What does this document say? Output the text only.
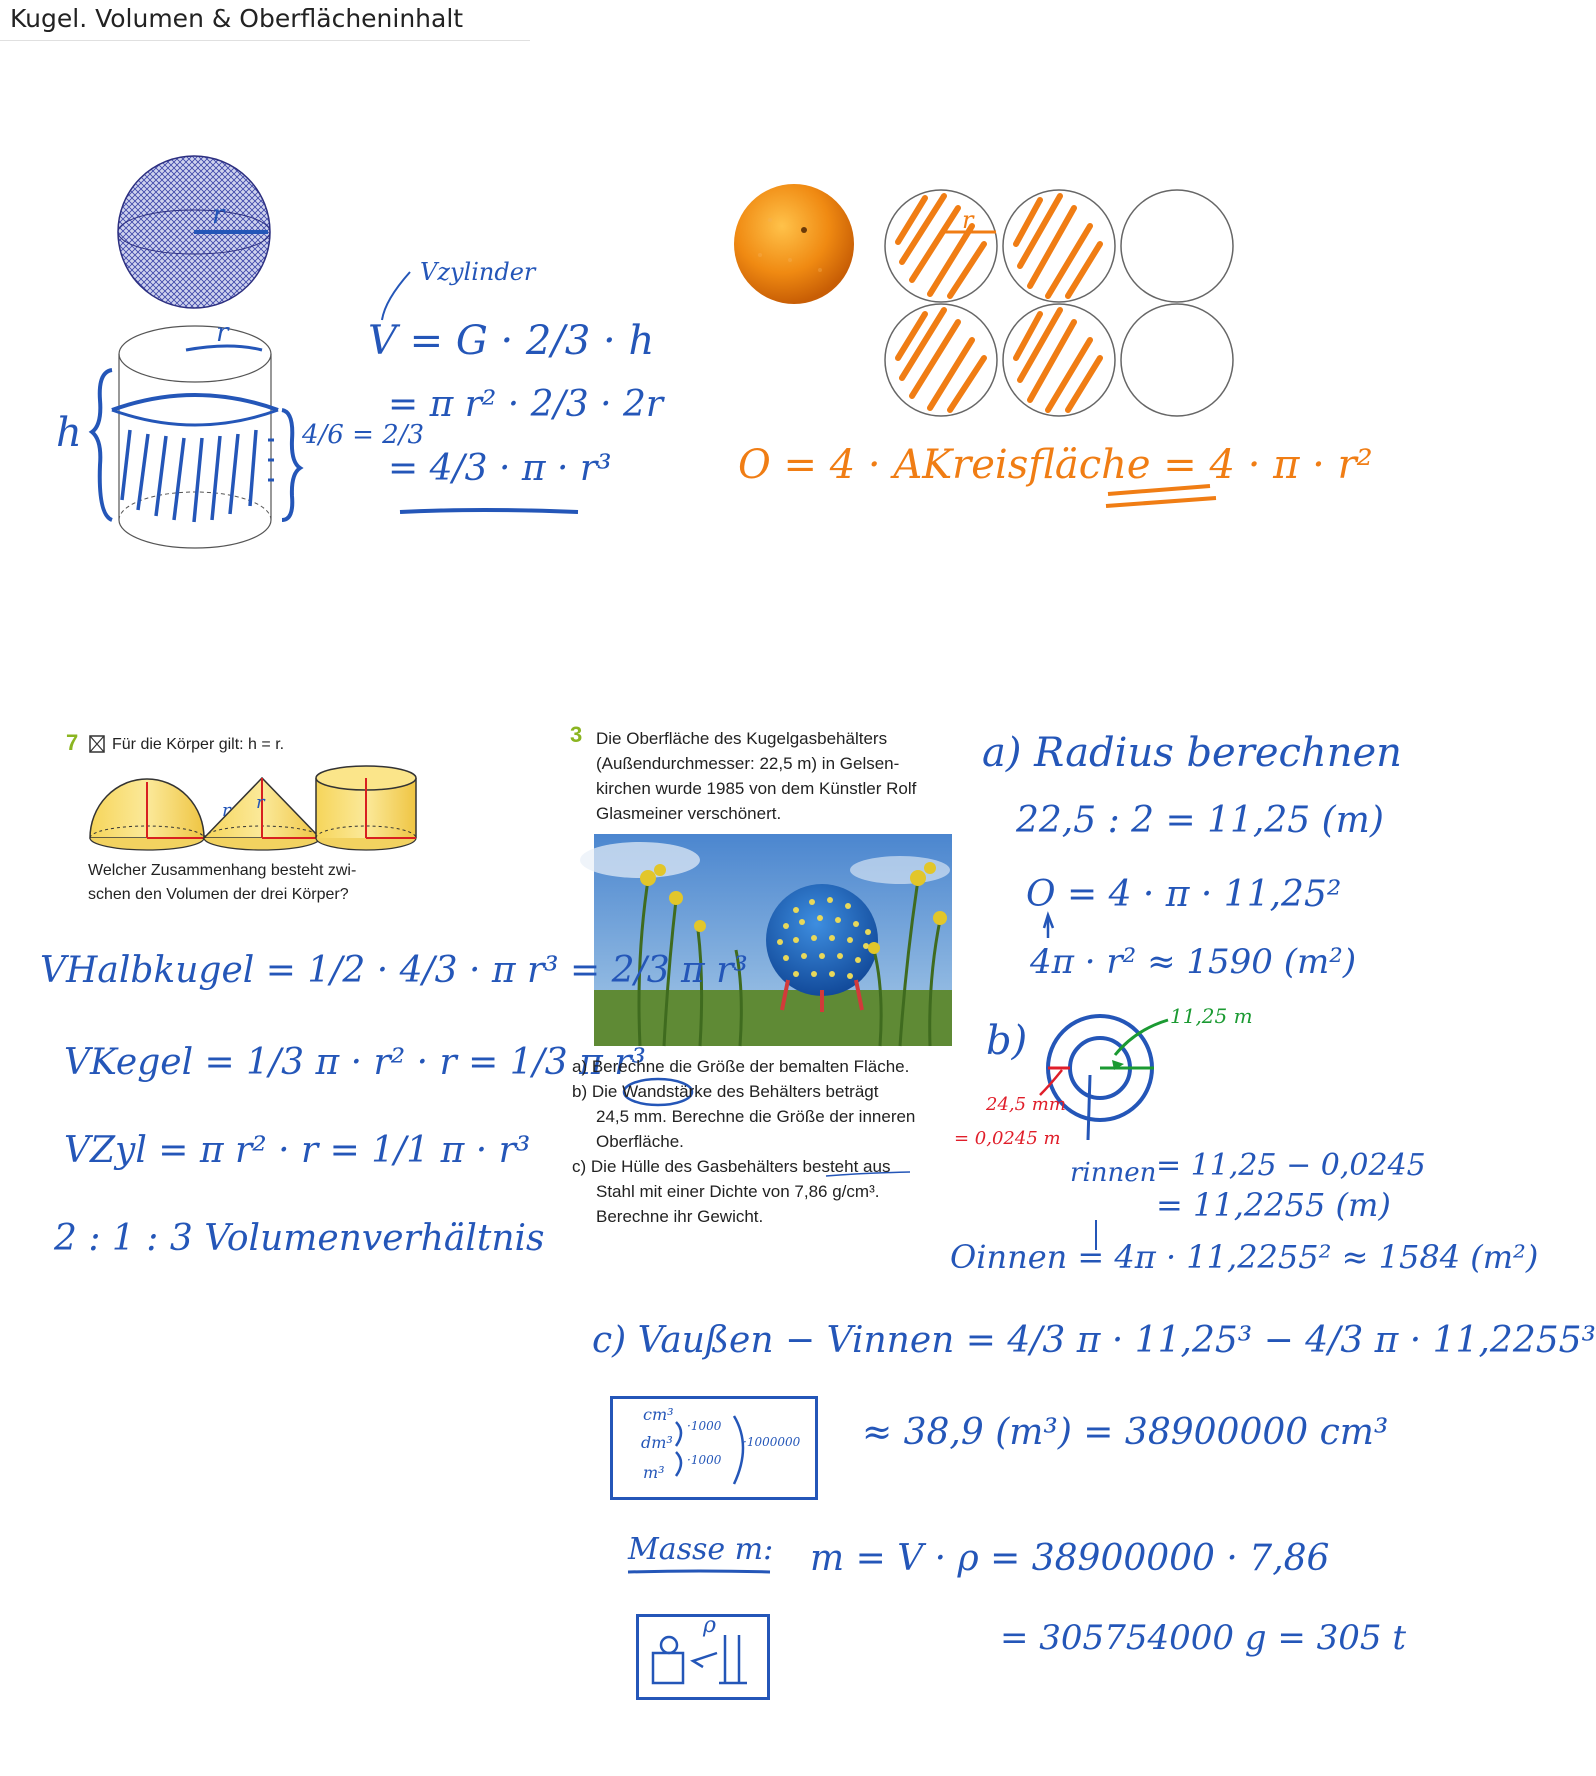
Kugel. Volumen & Oberflächeninhalt
r
r
h	4/6 = 2/3
Vzylinder
V = G · 2/3 · h
= π r² · 2/3 · 2r
= 4/3 · π · r³
r
O = 4 · AKreisfläche = 4 · π · r²
7 Für die Körper gilt: h = r.
r r
Welcher Zusammenhang besteht zwi-
schen den Volumen der drei Körper?
VHalbkugel = 1/2 · 4/3 · π r³ = 2/3 π r³
VKegel = 1/3 π · r² · r = 1/3 π r³
VZyl = π r² · r = 1/1 π · r³
2 : 1 : 3 Volumenverhältnis
3 Die Oberfläche des Kugelgasbehälters
(Außendurchmesser: 22,5 m) in Gelsen-
kirchen wurde 1985 von dem Künstler Rolf
Glasmeiner verschönert.
a) Berechne die Größe der bemalten Fläche.
b) Die Wandstärke des Behälters beträgt
24,5 mm. Berechne die Größe der inneren
Oberfläche.
c) Die Hülle des Gasbehälters besteht aus
Stahl mit einer Dichte von 7,86 g/cm³.
Berechne ihr Gewicht.
a) Radius berechnen
22,5 : 2 = 11,25 (m)
O = 4 · π · 11,25²
4π · r² ≈ 1590 (m²)
b)
11,25 m
24,5 mm
= 0,0245 m
rinnen = 11,25 − 0,0245
= 11,2255 (m)
Oinnen = 4π · 11,2255² ≈ 1584 (m²)
c) Vaußen − Vinnen = 4/3 π · 11,25³ − 4/3 π · 11,2255³
cm³
dm³
m³
·1000
·1000
·1000000 ≈ 38,9 (m³) = 38900000 cm³
Masse m: m = V · ρ = 38900000 · 7,86
= 305754000 g = 305 t
ρ
